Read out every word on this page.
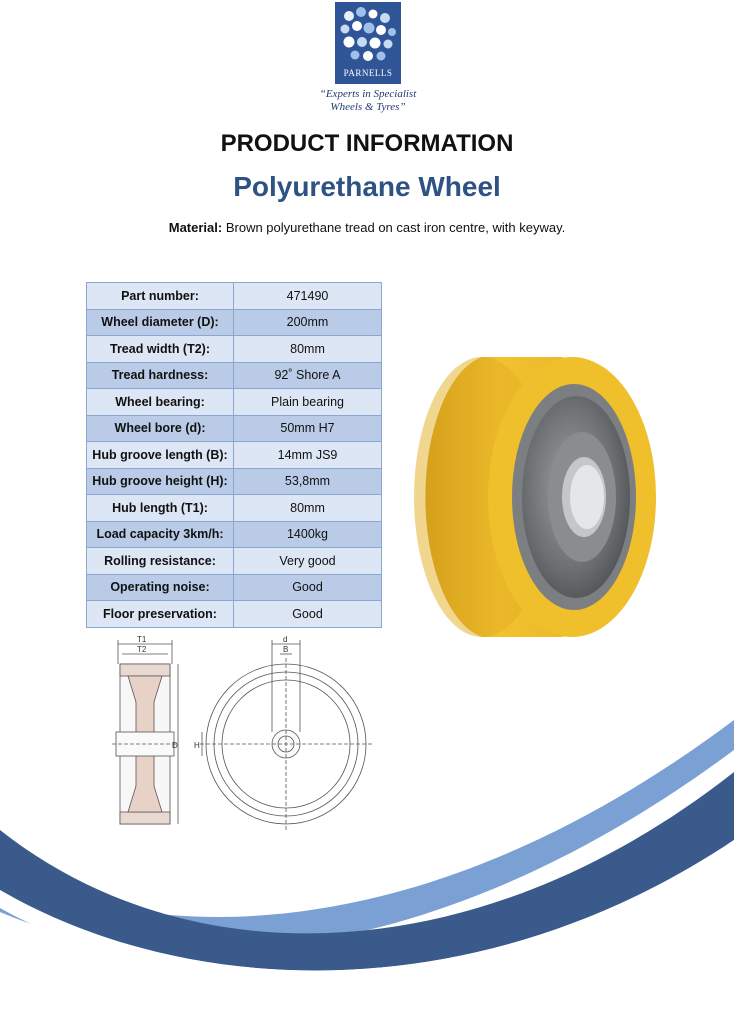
PARNELLS
“Experts in Specialist
Wheels & Tyres”
PRODUCT INFORMATION
Polyurethane Wheel
Material: Brown polyurethane tread on cast iron centre, with keyway.
Part number:	471490
Wheel diameter (D):	200mm
Tread width (T2):	80mm
Tread hardness:	92˚ Shore A
Wheel bearing:	Plain bearing
Wheel bore (d):	50mm H7
Hub groove length (B):	14mm JS9
Hub groove height (H):	53,8mm
Hub length (T1):	80mm
Load capacity 3km/h:	1400kg
Rolling resistance:	Very good
Operating noise:	Good
Floor preservation:	Good
T1
T2
D
d
B
H
